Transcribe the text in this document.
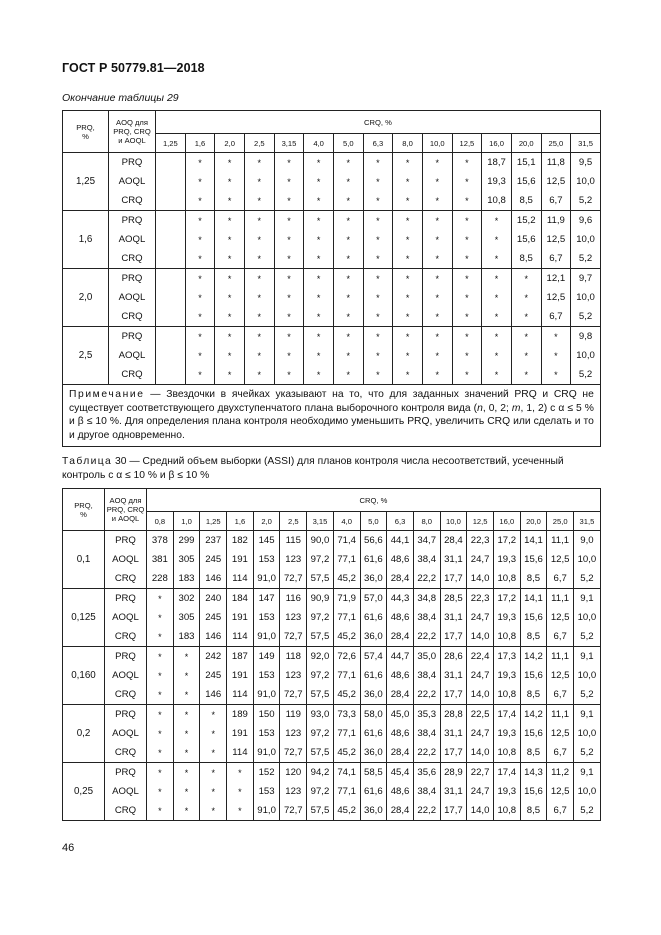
ГОСТ Р 50779.81—2018
Окончание таблицы 29
PRQ, %	AOQ для
PRQ, CRQ
и AOQL	CRQ, %														
		1,25	1,6	2,0	2,5	3,15	4,0	5,0	6,3	8,0	10,0	12,5	16,0	20,0	25,0	31,5
1,25	PRQ		*	*	*	*	*	*	*	*	*	*	18,7	15,1	11,8	9,5
	AOQL		*	*	*	*	*	*	*	*	*	*	19,3	15,6	12,5	10,0
	CRQ		*	*	*	*	*	*	*	*	*	*	10,8	8,5	6,7	5,2
1,6	PRQ		*	*	*	*	*	*	*	*	*	*	*	15,2	11,9	9,6
	AOQL		*	*	*	*	*	*	*	*	*	*	*	15,6	12,5	10,0
	CRQ		*	*	*	*	*	*	*	*	*	*	*	8,5	6,7	5,2
2,0	PRQ		*	*	*	*	*	*	*	*	*	*	*	*	12,1	9,7
	AOQL		*	*	*	*	*	*	*	*	*	*	*	*	12,5	10,0
	CRQ		*	*	*	*	*	*	*	*	*	*	*	*	6,7	5,2
2,5	PRQ		*	*	*	*	*	*	*	*	*	*	*	*	*	9,8
	AOQL		*	*	*	*	*	*	*	*	*	*	*	*	*	10,0
	CRQ		*	*	*	*	*	*	*	*	*	*	*	*	*	5,2
Примечание — Звездочки в ячейках указывают на то, что для заданных значений PRQ и CRQ не существует соответствующего двухступенчатого плана выборочного контроля вида (n, 0, 2; m, 1, 2) с α ≤ 5 % и β ≤ 10 %. Для определения плана контроля необходимо уменьшить PRQ, увеличить CRQ или сделать и то и другое одновременно.																
Таблица 30 — Средний объем выборки (ASSI) для планов контроля числа несоответствий, усеченный контроль с α ≤ 10 % и β ≤ 10 %
PRQ, %	AOQ для
PRQ, CRQ
и AOQL	CRQ, %																
		0,8	1,0	1,25	1,6	2,0	2,5	3,15	4,0	5,0	6,3	8,0	10,0	12,5	16,0	20,0	25,0	31,5
0,1	PRQ	378	299	237	182	145	115	90,0	71,4	56,6	44,1	34,7	28,4	22,3	17,2	14,1	11,1	9,0
	AOQL	381	305	245	191	153	123	97,2	77,1	61,6	48,6	38,4	31,1	24,7	19,3	15,6	12,5	10,0
	CRQ	228	183	146	114	91,0	72,7	57,5	45,2	36,0	28,4	22,2	17,7	14,0	10,8	8,5	6,7	5,2
0,125	PRQ	*	302	240	184	147	116	90,9	71,9	57,0	44,3	34,8	28,5	22,3	17,2	14,1	11,1	9,1
	AOQL	*	305	245	191	153	123	97,2	77,1	61,6	48,6	38,4	31,1	24,7	19,3	15,6	12,5	10,0
	CRQ	*	183	146	114	91,0	72,7	57,5	45,2	36,0	28,4	22,2	17,7	14,0	10,8	8,5	6,7	5,2
0,160	PRQ	*	*	242	187	149	118	92,0	72,6	57,4	44,7	35,0	28,6	22,4	17,3	14,2	11,1	9,1
	AOQL	*	*	245	191	153	123	97,2	77,1	61,6	48,6	38,4	31,1	24,7	19,3	15,6	12,5	10,0
	CRQ	*	*	146	114	91,0	72,7	57,5	45,2	36,0	28,4	22,2	17,7	14,0	10,8	8,5	6,7	5,2
0,2	PRQ	*	*	*	189	150	119	93,0	73,3	58,0	45,0	35,3	28,8	22,5	17,4	14,2	11,1	9,1
	AOQL	*	*	*	191	153	123	97,2	77,1	61,6	48,6	38,4	31,1	24,7	19,3	15,6	12,5	10,0
	CRQ	*	*	*	114	91,0	72,7	57,5	45,2	36,0	28,4	22,2	17,7	14,0	10,8	8,5	6,7	5,2
0,25	PRQ	*	*	*	*	152	120	94,2	74,1	58,5	45,4	35,6	28,9	22,7	17,4	14,3	11,2	9,1
	AOQL	*	*	*	*	153	123	97,2	77,1	61,6	48,6	38,4	31,1	24,7	19,3	15,6	12,5	10,0
	CRQ	*	*	*	*	91,0	72,7	57,5	45,2	36,0	28,4	22,2	17,7	14,0	10,8	8,5	6,7	5,2
46
